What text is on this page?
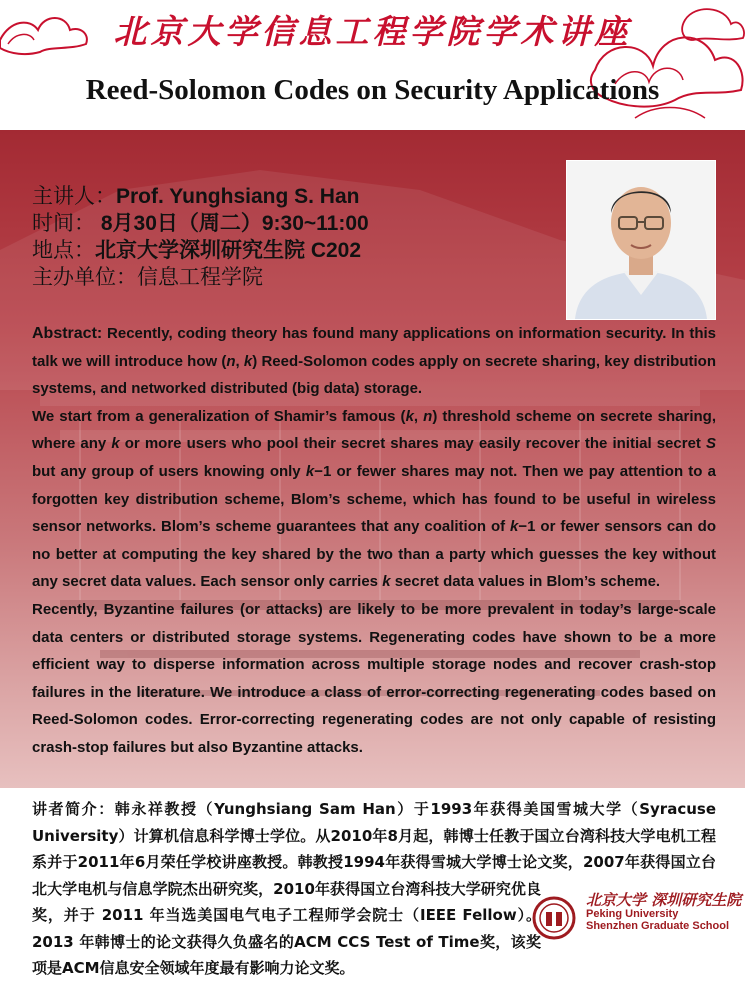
北京大学信息工程学院学术讲座
Reed-Solomon Codes on Security Applications
主讲人：Prof. Yunghsiang S. Han
时间： 8月30日（周二）9:30~11:00
地点：北京大学深圳研究生院 C202
主办单位：信息工程学院

Abstract: Recently, coding theory has found many applications on information security. In this talk we will introduce how (n, k) Reed-Solomon codes apply on secrete sharing, key distribution systems, and networked distributed (big data) storage.

We start from a generalization of Shamir’s famous (k, n) threshold scheme on secrete sharing, where any k or more users who pool their secret shares may easily recover the initial secret S but any group of users knowing only k−1 or fewer shares may not. Then we pay attention to a forgotten key distribution scheme, Blom’s scheme, which has found to be useful in wireless sensor networks. Blom’s scheme guarantees that any coalition of k−1 or fewer sensors can do no better at computing the key shared by the two than a party which guesses the key without any secret data values. Each sensor only carries k secret data values in Blom’s scheme.

Recently, Byzantine failures (or attacks) are likely to be more prevalent in today’s large-scale data centers or distributed storage systems. Regenerating codes have shown to be a more efficient way to disperse information across multiple storage nodes and recover crash-stop failures in the literature. We introduce a class of error-correcting regenerating codes based on Reed-Solomon codes. Error-correcting regenerating codes are not only capable of resisting crash-stop failures but also Byzantine attacks.

讲者简介：韩永祥教授（Yunghsiang Sam Han）于1993年获得美国雪城大学（Syracuse University）计算机信息科学博士学位。从2010年8月起，韩博士任教于国立台湾科技大学电机工程系并于2011年6月荣任学校讲座教授。韩教授1994年获得雪城大学博士论文奖，2007年获得国立台北大学电机与信息学院杰出研究奖，2010年获得国立台湾科技大学研究优良奖，并于 2011 年当选美国电气电子工程师学会院士（IEEE Fellow）。2013 年韩博士的论文获得久负盛名的ACM CCS Test of Time奖，该奖项是ACM信息安全领域年度最有影响力论文奖。

北京大学 深圳研究生院
Peking University
Shenzhen Graduate School
